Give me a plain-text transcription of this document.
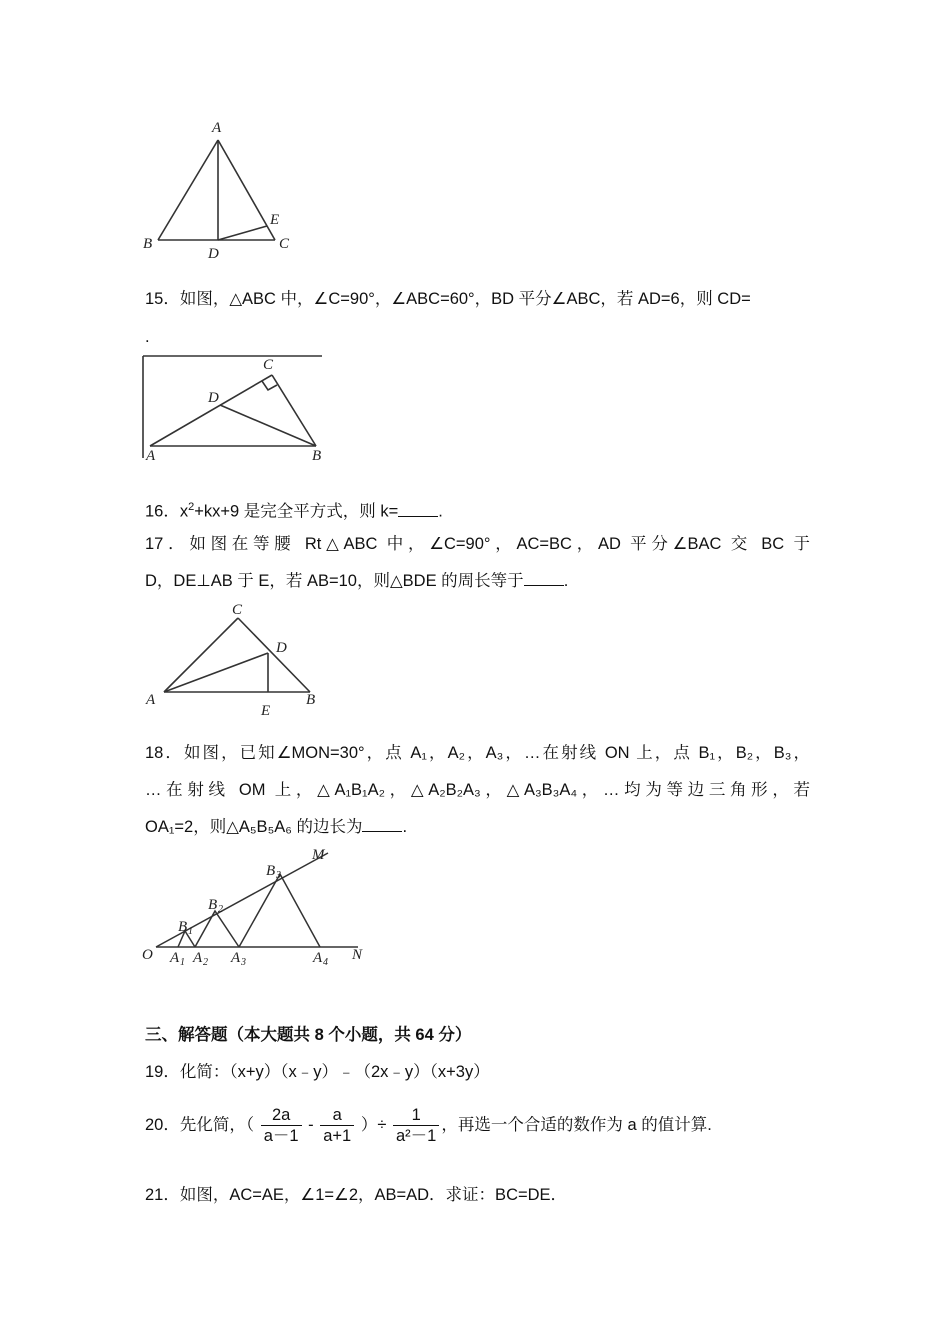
A
B	C
D
E
15．如图，△ABC 中，∠C=90°，∠ABC=60°，BD 平分∠ABC，若 AD=6，则 CD=
.
C
D
A	B
16．$x^2+kx+9$ 是完全平方式，则 k= .
17．如图在等腰 Rt△ABC 中，∠C=90°，AC=BC，AD 平分∠BAC 交 BC 于
D，DE⊥AB 于 E，若 AB=10，则△BDE 的周长等于 .
C
D
A	B
E
18．如图，已知∠MON=30°，点 A₁，A₂，A₃，…在射线 ON 上，点 B₁，B₂，B₃，
…在射线 OM 上，△A₁B₁A₂，△A₂B₂A₃，△A₃B₃A₄，…均为等边三角形，若
OA₁=2，则△A₅B₅A₆ 的边长为 .
O
M
N
B 1
B 2
B 3
A 1 A 2 A 3	A 4
三、解答题（本大题共 8 个小题，共 64 分）
19．化简：（x+y）（x﹣y）﹣（2x﹣y）（x+3y）
20．先化简，（ $\frac{2a}{a-1} - \frac{a}{a+1}$ ）÷ $\frac{1}{\text{a²－1}}$ ，再选一个合适的数作为 a 的值计算.
21．如图，AC=AE，∠1=∠2，AB=AD．求证：BC=DE．
